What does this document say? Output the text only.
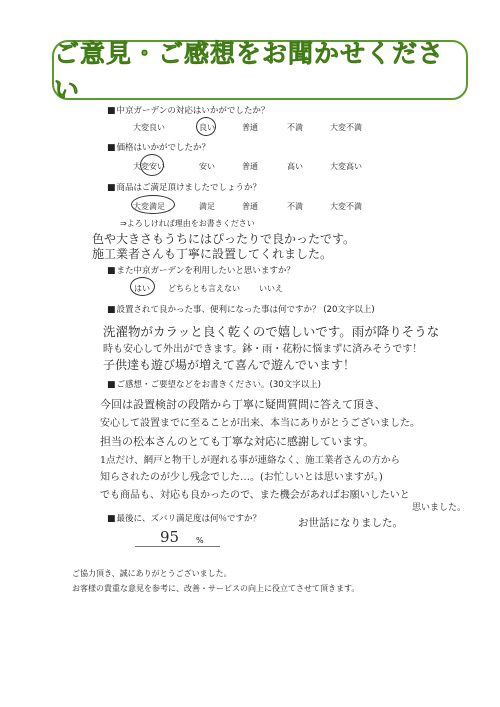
ご意見・ご感想をお聞かせください
■中京ガーデンの対応はいかがでしたか？
大変良い	良い	普通	不満	大変不満
■価格はいかがでしたか？
大変安い	安い	普通	高い	大変高い
■商品はご満足頂けましたでしょうか？
大変満足	満足	普通	不満	大変不満
⇒よろしければ理由をお書きください
色や大きさもうちにはぴったりで良かったです。
施工業者さんも丁寧に設置してくれました。
■また中京ガーデンを利用したいと思いますか？
はい どちらとも言えない いいえ
■設置されて良かった事、便利になった事は何ですか？ (20文字以上)
洗濯物がカラッと良く乾くので嬉しいです。雨が降りそうな
時も安心して外出ができます。鉢・雨・花粉に悩まずに済みそうです！
子供達も遊び場が増えて喜んで遊んでいます！
■ご感想・ご要望などをお書きください。(30文字以上)
今回は設置検討の段階から丁寧に疑問質問に答えて頂き、
安心して設置までに至ることが出来、本当にありがとうございました。
担当の松本さんのとても丁寧な対応に感謝しています。
1点だけ、網戸と物干しが遅れる事が連絡なく、施工業者さんの方から
知らされたのが少し残念でした…。(お忙しいとは思いますが。)
でも商品も、対応も良かったので、また機会があればお願いしたいと
思いました。
お世話になりました。
■最後に、ズバリ満足度は何％ですか？
95 %
ご協力頂き、誠にありがとうございました。
お客様の貴重な意見を参考に、改善・サービスの向上に役立てさせて頂きます。
